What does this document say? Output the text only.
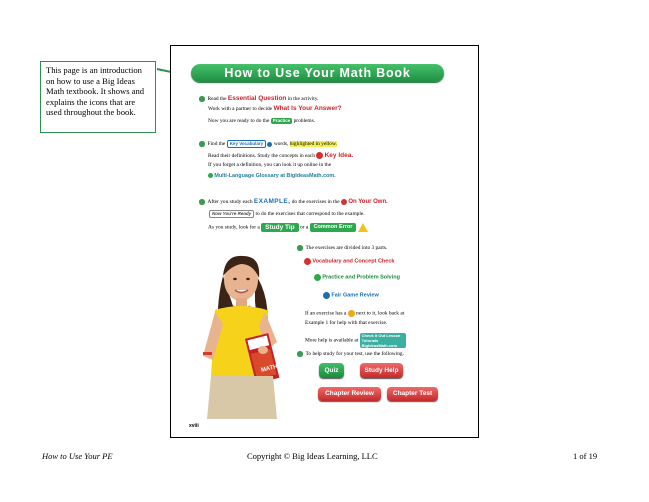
This page is an introduction on how to use a Big Ideas Math textbook. It shows and explains the icons that are used throughout the book.
How to Use Your Math Book
Read the Essential Question in the activity.
Work with a partner to decide What Is Your Answer?
Now you are ready to do the Practice problems.
Find the Key Vocabulary words, highlighted in yellow.
Read their definitions. Study the concepts in each Key Idea.
If you forget a definition, you can look it up online in the
Multi-Language Glossary at BigIdeasMath.com.
After you study each EXAMPLE, do the exercises in the On Your Own.
Now You're Ready to do the exercises that correspond to the example.
As you study, look for a Study Tip or a Common Error
The exercises are divided into 3 parts.
Vocabulary and Concept Check
Practice and Problem Solving
Fair Game Review
If an exercise has a next to it, look back at
Example 1 for help with that exercise.
More help is available at Check It Out Lesson Tutorials BigIdeasMath.com
To help study for your test, use the following.
Quiz	Study Help
Chapter Review	Chapter Test
MATH
xviii
How to Use Your PE	Copyright © Big Ideas Learning, LLC	1 of 19
